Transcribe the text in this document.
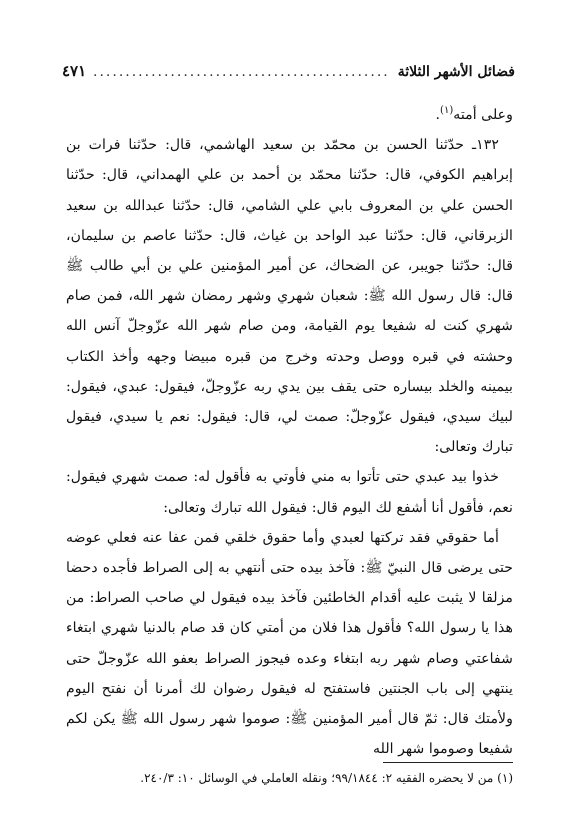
فضائل الأشهر الثلاثة
.....
٤٧١

وعلى أمته$^{(١)}$.

١٣٢ـ حدّثنا الحسن بن محمّد بن سعيد الهاشمي، قال: حدّثنا فرات بن إبراهيم الكوفي، قال: حدّثنا محمّد بن أحمد بن علي الهمداني، قال: حدّثنا الحسن علي بن المعروف بابي علي الشامي، قال: حدّثنا عبدالله بن سعيد الزبرقاني، قال: حدّثنا عبد الواحد بن غياث، قال: حدّثنا عاصم بن سليمان، قال: حدّثنا جويبر، عن الضحاك، عن أمير المؤمنين علي بن أبي طالب ﷺ قال: قال رسول الله ﷺ: شعبان شهري وشهر رمضان شهر الله، فمن صام شهري كنت له شفيعا يوم القيامة، ومن صام شهر الله عزّوجلّ آنس الله وحشته في قبره ووصل وحدته وخرج من قبره مبيضا وجهه وأخذ الكتاب بيمينه والخلد بيساره حتى يقف بين يدي ربه عزّوجلّ، فيقول: عبدي، فيقول: لبيك سيدي، فيقول عزّوجلّ: صمت لي، قال: فيقول: نعم يا سيدي، فيقول تبارك وتعالى:

خذوا بيد عبدي حتى تأتوا به مني فأوتي به فأقول له: صمت شهري فيقول: نعم، فأقول أنا أشفع لك اليوم قال: فيقول الله تبارك وتعالى:

أما حقوقي فقد تركتها لعبدي وأما حقوق خلقي فمن عفا عنه فعلي عوضه حتى يرضى قال النبيّ ﷺ: فآخذ بيده حتى أنتهي به إلى الصراط فأجده دحضا مزلقا لا يثبت عليه أقدام الخاطئين فآخذ بيده فيقول لي صاحب الصراط: من هذا يا رسول الله؟ فأقول هذا فلان من أمتي كان قد صام بالدنيا شهري ابتغاء شفاعتي وصام شهر ربه ابتغاء وعده فيجوز الصراط بعفو الله عزّوجلّ حتى ينتهي إلى باب الجنتين فاستفتح له فيقول رضوان لك أمرنا أن نفتح اليوم ولأمتك قال: ثمّ قال أمير المؤمنين ﷺ: صوموا شهر رسول الله ﷺ يكن لكم شفيعا وصوموا شهر الله

(١) من لا يحضره الفقيه ٢: ٩٩/١٨٤٤؛ ونقله العاملي في الوسائل ١٠: ٢٤٠/٣.
